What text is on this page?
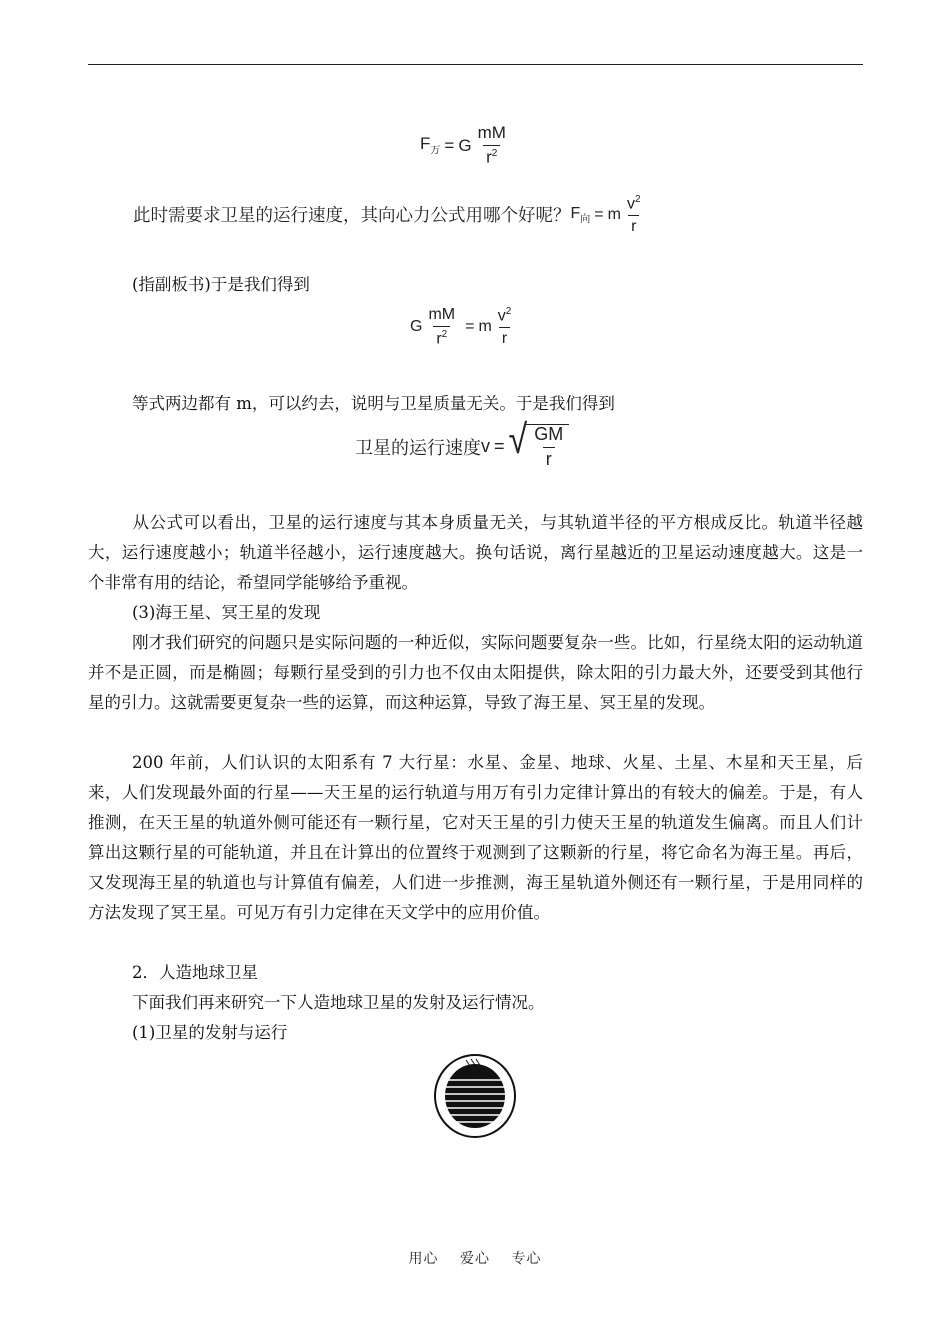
$F_万 = G \frac{mM}{r^2}$
此时需要求卫星的运行速度，其向心力公式用哪个好呢？ $F_向 = m \frac{v^2}{r}$
(指副板书)于是我们得到
G $\frac{mM}{r^2} = m \frac{v^2}{r}$
等式两边都有 m，可以约去，说明与卫星质量无关。于是我们得到
卫星的运行速度 v = √ $\frac{GM}{r}$
从公式可以看出，卫星的运行速度与其本身质量无关，与其轨道半径的平方根成反比。轨道半径越大，运行速度越小；轨道半径越小，运行速度越大。换句话说，离行星越近的卫星运动速度越大。这是一个非常有用的结论，希望同学能够给予重视。
(3)海王星、冥王星的发现
刚才我们研究的问题只是实际问题的一种近似，实际问题要复杂一些。比如，行星绕太阳的运动轨道并不是正圆，而是椭圆；每颗行星受到的引力也不仅由太阳提供，除太阳的引力最大外，还要受到其他行星的引力。这就需要更复杂一些的运算，而这种运算，导致了海王星、冥王星的发现。
200 年前，人们认识的太阳系有 7 大行星：水星、金星、地球、火星、土星、木星和天王星，后来，人们发现最外面的行星——天王星的运行轨道与用万有引力定律计算出的有较大的偏差。于是，有人推测，在天王星的轨道外侧可能还有一颗行星，它对天王星的引力使天王星的轨道发生偏离。而且人们计算出这颗行星的可能轨道，并且在计算出的位置终于观测到了这颗新的行星，将它命名为海王星。再后，又发现海王星的轨道也与计算值有偏差，人们进一步推测，海王星轨道外侧还有一颗行星，于是用同样的方法发现了冥王星。可见万有引力定律在天文学中的应用价值。
2．人造地球卫星
下面我们再来研究一下人造地球卫星的发射及运行情况。
(1)卫星的发射与运行
用心 爱心 专心
